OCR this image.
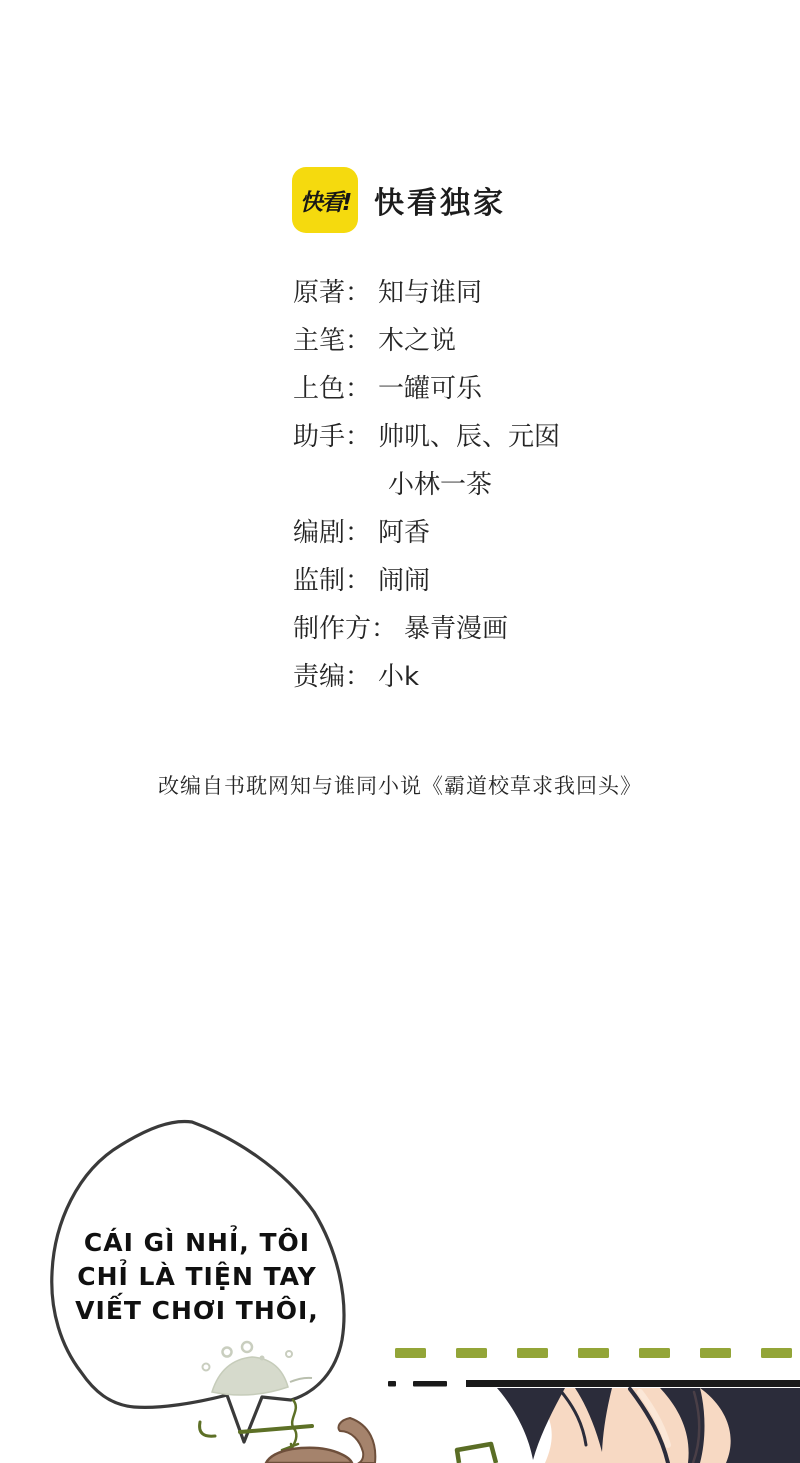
快看! 快看独家
原著： 知与谁同
主笔： 木之说
上色： 一罐可乐
助手： 帅叽、辰、元囡
小林一茶
编剧： 阿香
监制： 闹闹
制作方： 暴青漫画
责编： 小k
改编自书耽网知与谁同小说《霸道校草求我回头》
CÁI GÌ NHỈ, TÔI
CHỈ LÀ TIỆN TAY
VIẾT CHƠI THÔI,
